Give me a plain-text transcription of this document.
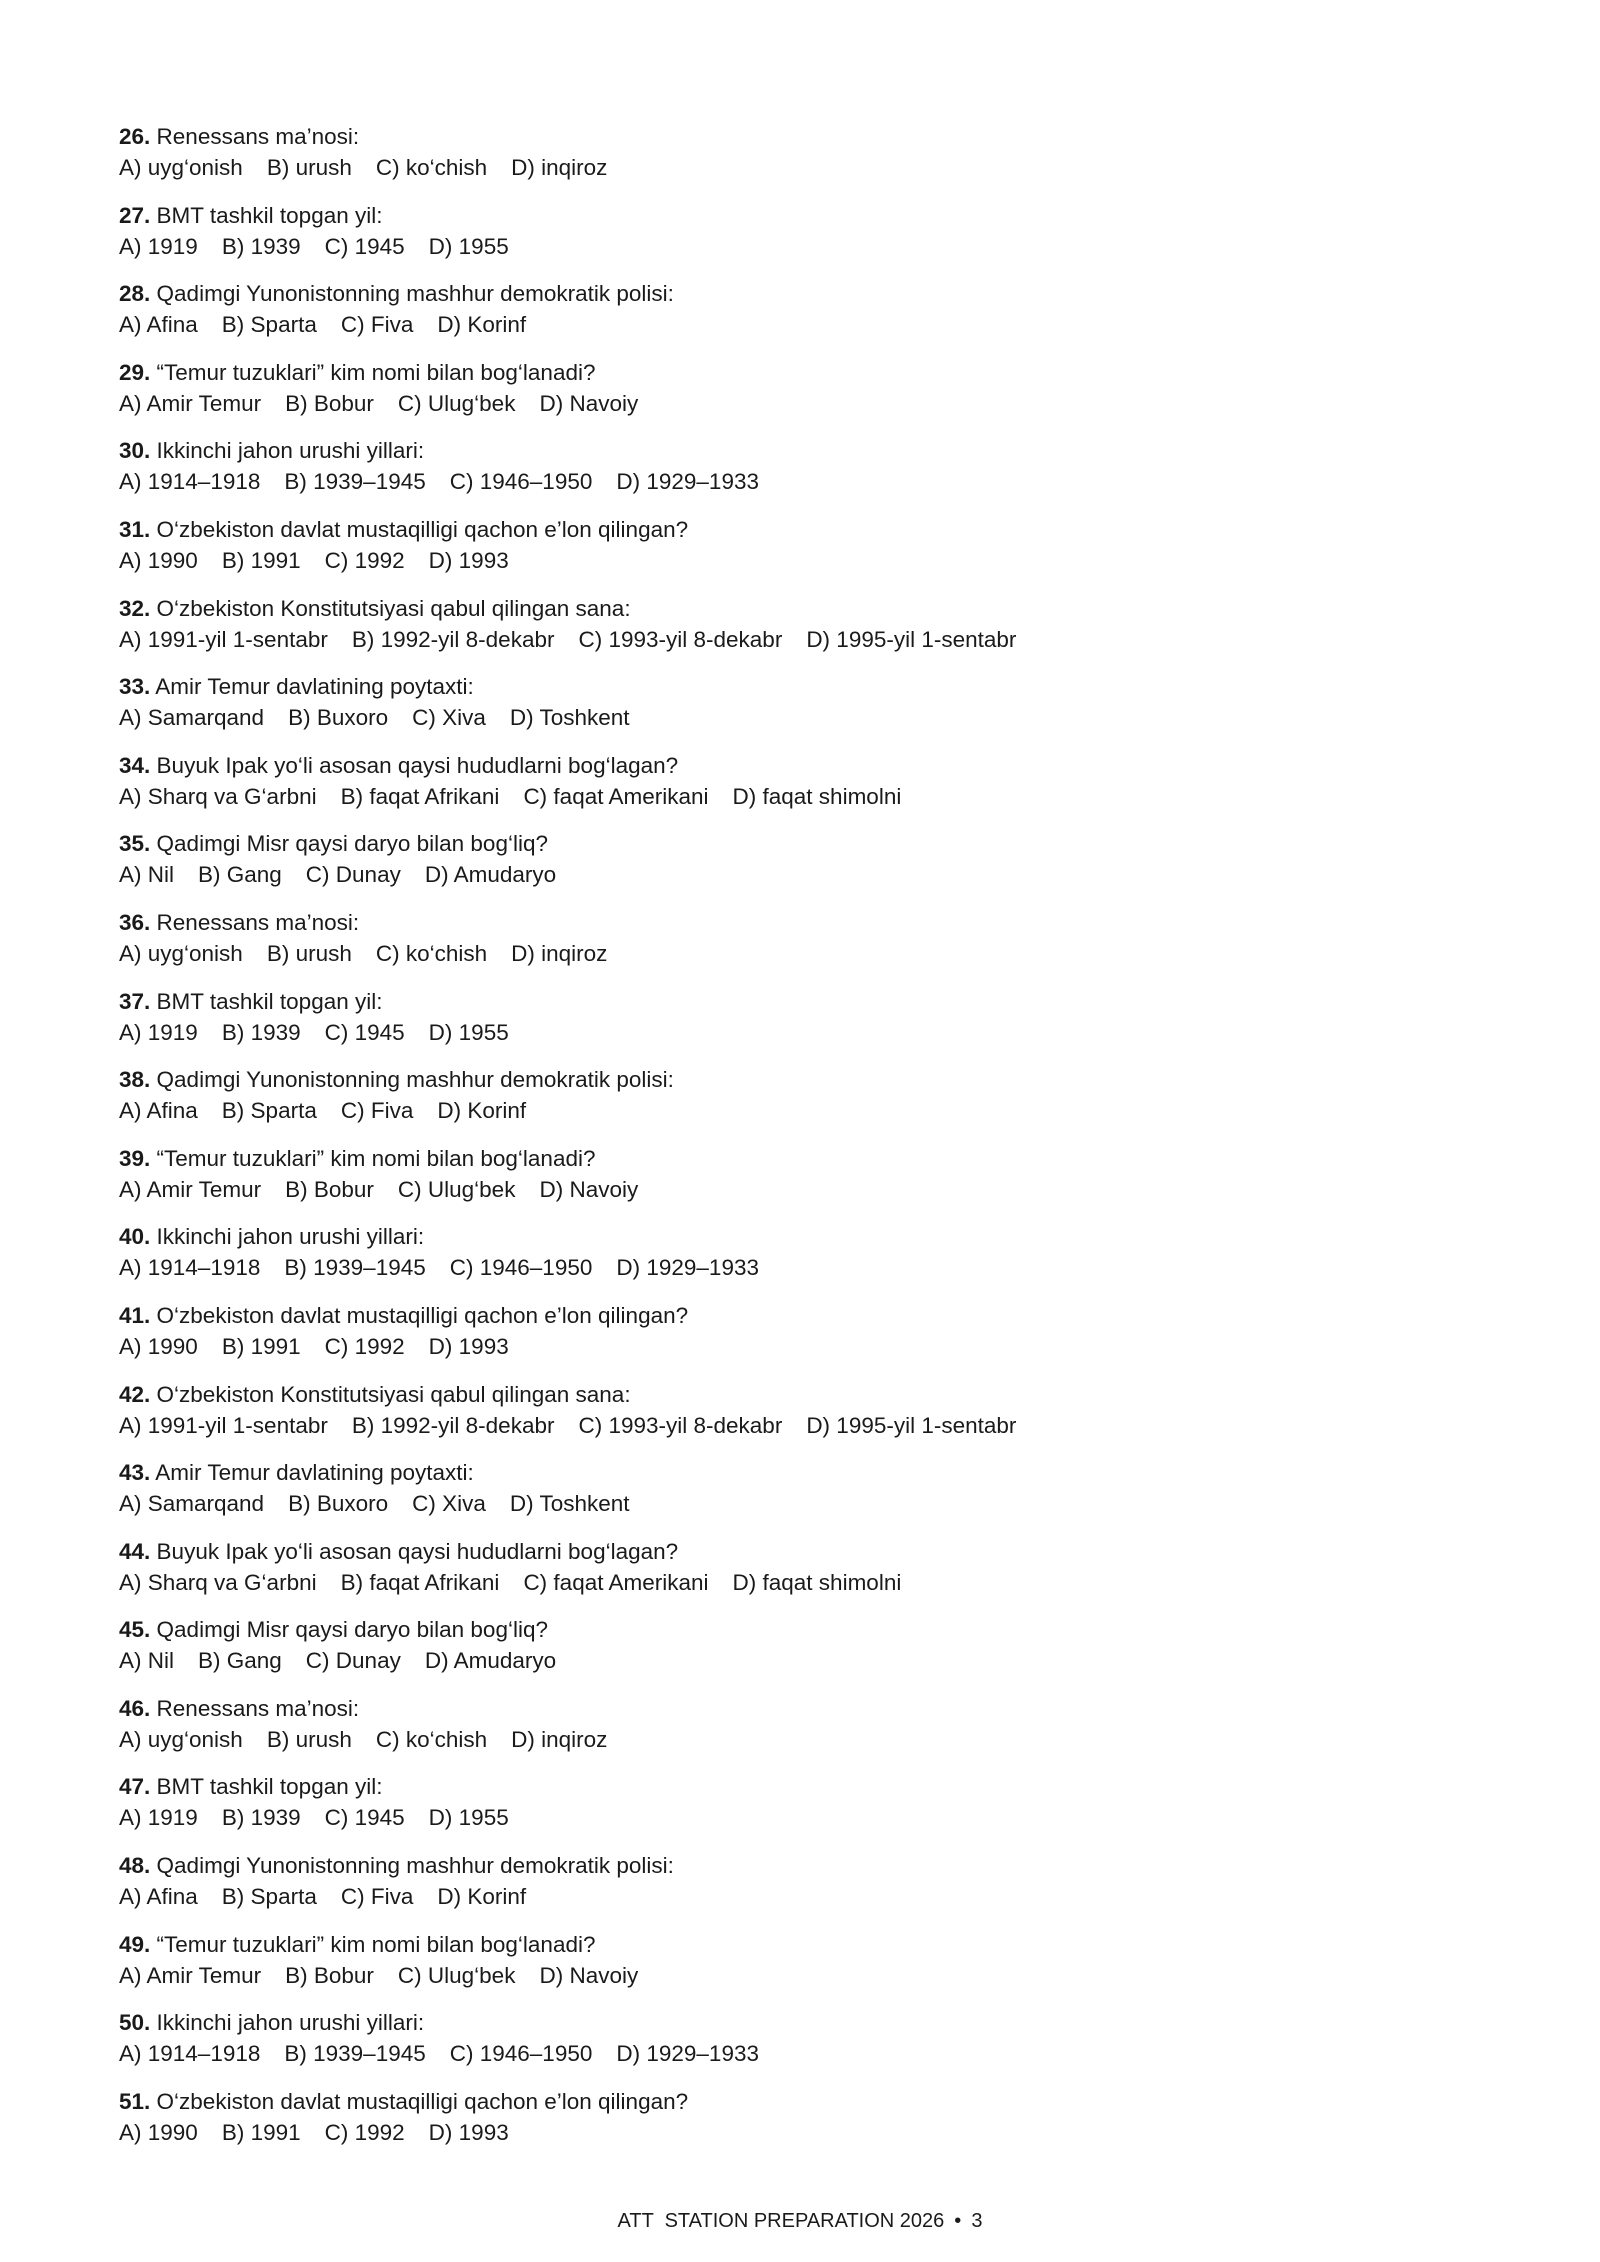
26. Renessans ma’nosi:
A) uyg‘onish B) urush C) ko‘chish D) inqiroz
27. BMT tashkil topgan yil:
A) 1919 B) 1939 C) 1945 D) 1955
28. Qadimgi Yunonistonning mashhur demokratik polisi:
A) Afina B) Sparta C) Fiva D) Korinf
29. “Temur tuzuklari” kim nomi bilan bog‘lanadi?
A) Amir Temur B) Bobur C) Ulug‘bek D) Navoiy
30. Ikkinchi jahon urushi yillari:
A) 1914–1918 B) 1939–1945 C) 1946–1950 D) 1929–1933
31. O‘zbekiston davlat mustaqilligi qachon e’lon qilingan?
A) 1990 B) 1991 C) 1992 D) 1993
32. O‘zbekiston Konstitutsiyasi qabul qilingan sana:
A) 1991-yil 1-sentabr B) 1992-yil 8-dekabr C) 1993-yil 8-dekabr D) 1995-yil 1-sentabr
33. Amir Temur davlatining poytaxti:
A) Samarqand B) Buxoro C) Xiva D) Toshkent
34. Buyuk Ipak yo‘li asosan qaysi hududlarni bog‘lagan?
A) Sharq va G‘arbni B) faqat Afrikani C) faqat Amerikani D) faqat shimolni
35. Qadimgi Misr qaysi daryo bilan bog‘liq?
A) Nil B) Gang C) Dunay D) Amudaryo
36. Renessans ma’nosi:
A) uyg‘onish B) urush C) ko‘chish D) inqiroz
37. BMT tashkil topgan yil:
A) 1919 B) 1939 C) 1945 D) 1955
38. Qadimgi Yunonistonning mashhur demokratik polisi:
A) Afina B) Sparta C) Fiva D) Korinf
39. “Temur tuzuklari” kim nomi bilan bog‘lanadi?
A) Amir Temur B) Bobur C) Ulug‘bek D) Navoiy
40. Ikkinchi jahon urushi yillari:
A) 1914–1918 B) 1939–1945 C) 1946–1950 D) 1929–1933
41. O‘zbekiston davlat mustaqilligi qachon e’lon qilingan?
A) 1990 B) 1991 C) 1992 D) 1993
42. O‘zbekiston Konstitutsiyasi qabul qilingan sana:
A) 1991-yil 1-sentabr B) 1992-yil 8-dekabr C) 1993-yil 8-dekabr D) 1995-yil 1-sentabr
43. Amir Temur davlatining poytaxti:
A) Samarqand B) Buxoro C) Xiva D) Toshkent
44. Buyuk Ipak yo‘li asosan qaysi hududlarni bog‘lagan?
A) Sharq va G‘arbni B) faqat Afrikani C) faqat Amerikani D) faqat shimolni
45. Qadimgi Misr qaysi daryo bilan bog‘liq?
A) Nil B) Gang C) Dunay D) Amudaryo
46. Renessans ma’nosi:
A) uyg‘onish B) urush C) ko‘chish D) inqiroz
47. BMT tashkil topgan yil:
A) 1919 B) 1939 C) 1945 D) 1955
48. Qadimgi Yunonistonning mashhur demokratik polisi:
A) Afina B) Sparta C) Fiva D) Korinf
49. “Temur tuzuklari” kim nomi bilan bog‘lanadi?
A) Amir Temur B) Bobur C) Ulug‘bek D) Navoiy
50. Ikkinchi jahon urushi yillari:
A) 1914–1918 B) 1939–1945 C) 1946–1950 D) 1929–1933
51. O‘zbekiston davlat mustaqilligi qachon e’lon qilingan?
A) 1990 B) 1991 C) 1992 D) 1993
ATT  STATION PREPARATION 2026 • 3
